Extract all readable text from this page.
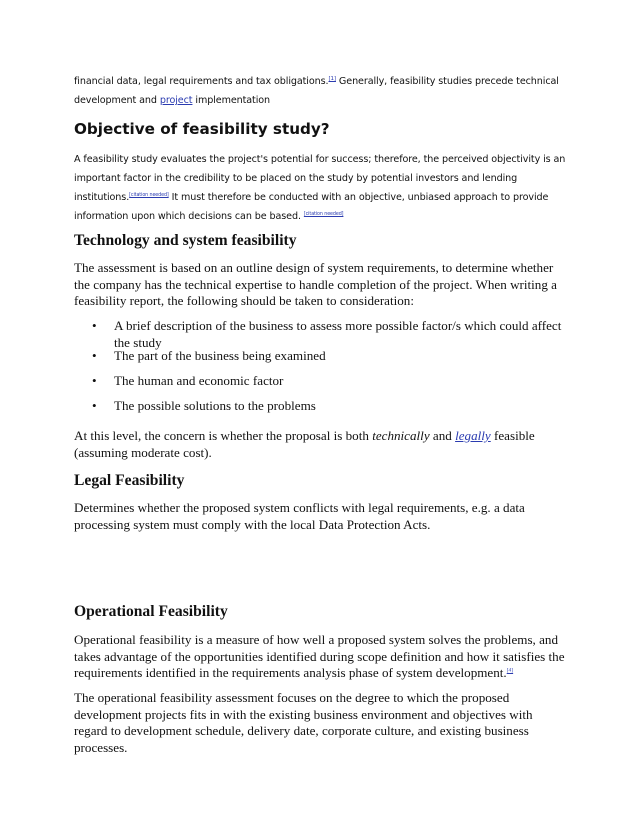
financial data, legal requirements and tax obligations.[1] Generally, feasibility studies precede technical development and project implementation

Objective of feasibility study?

A feasibility study evaluates the project's potential for success; therefore, the perceived objectivity is an important factor in the credibility to be placed on the study by potential investors and lending institutions.[citation needed] It must therefore be conducted with an objective, unbiased approach to provide information upon which decisions can be based. [citation needed]

Technology and system feasibility

The assessment is based on an outline design of system requirements, to determine whether the company has the technical expertise to handle completion of the project. When writing a feasibility report, the following should be taken to consideration:

• A brief description of the business to assess more possible factor/s which could affect the study
• The part of the business being examined
• The human and economic factor
• The possible solutions to the problems

At this level, the concern is whether the proposal is both technically and legally feasible (assuming moderate cost).

Legal Feasibility

Determines whether the proposed system conflicts with legal requirements, e.g. a data processing system must comply with the local Data Protection Acts.

Operational Feasibility

Operational feasibility is a measure of how well a proposed system solves the problems, and takes advantage of the opportunities identified during scope definition and how it satisfies the requirements identified in the requirements analysis phase of system development.[4]

The operational feasibility assessment focuses on the degree to which the proposed development projects fits in with the existing business environment and objectives with regard to development schedule, delivery date, corporate culture, and existing business processes.
